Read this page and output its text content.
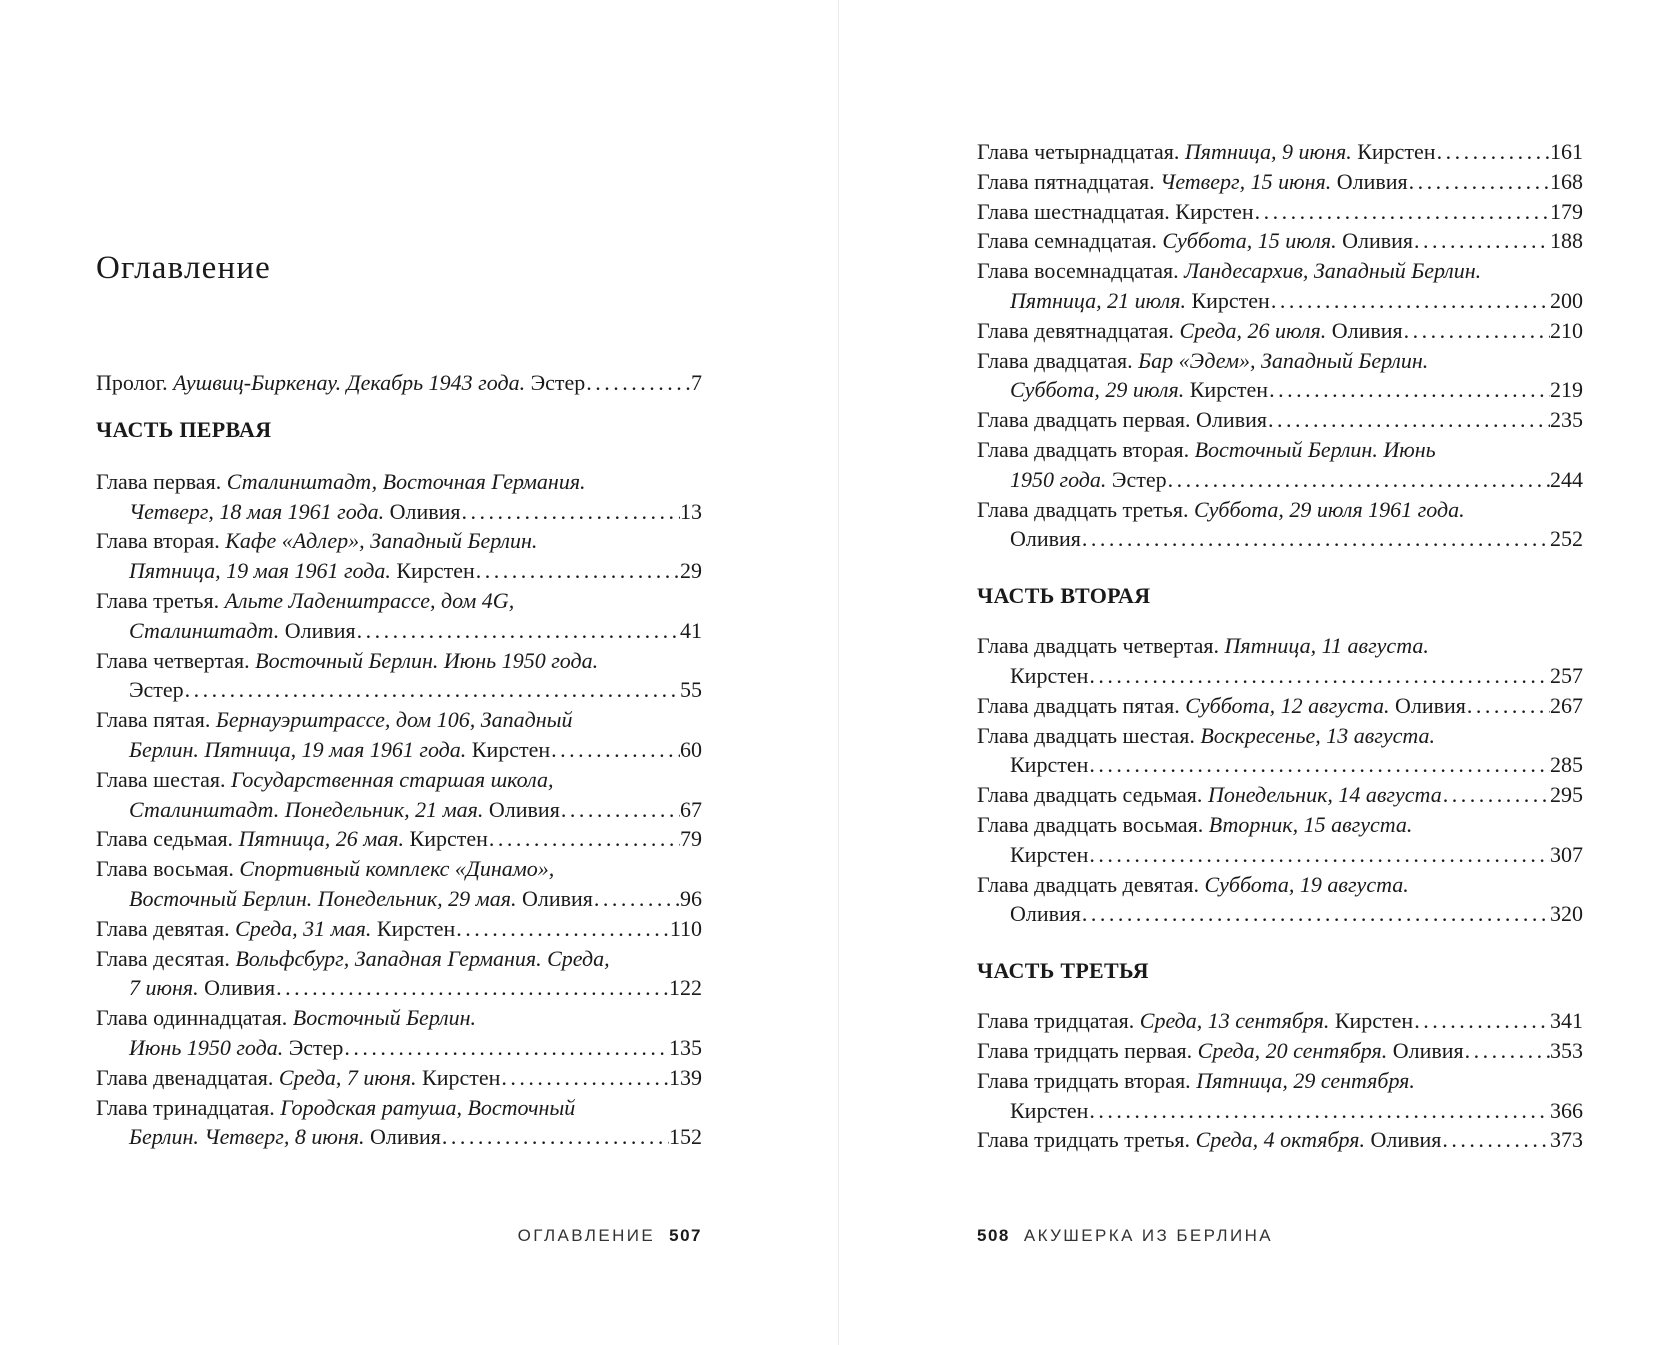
Оглавление
Пролог. Аушвиц-Биркенау. Декабрь 1943 года. Эстер . . .	7
ЧАСТЬ ПЕРВАЯ
Глава первая. Сталинштадт, Восточная Германия.
Четверг, 18 мая 1961 года. Оливия . . .	13
Глава вторая. Кафе «Адлер», Западный Берлин.
Пятница, 19 мая 1961 года. Кирстен . . .	29
Глава третья. Альте Ладенштрассе, дом 4G,
Сталинштадт. Оливия . . .	41
Глава четвертая. Восточный Берлин. Июнь 1950 года.
Эстер . . .	55
Глава пятая. Бернауэрштрассе, дом 106, Западный
Берлин. Пятница, 19 мая 1961 года. Кирстен . . .	60
Глава шестая. Государственная старшая школа,
Сталинштадт. Понедельник, 21 мая. Оливия . . .	67
Глава седьмая. Пятница, 26 мая. Кирстен . . .	79
Глава восьмая. Спортивный комплекс «Динамо»,
Восточный Берлин. Понедельник, 29 мая. Оливия . . .	96
Глава девятая. Среда, 31 мая. Кирстен . . .	110
Глава десятая. Вольфсбург, Западная Германия. Среда,
7 июня. Оливия . . .	122
Глава одиннадцатая. Восточный Берлин.
Июнь 1950 года. Эстер . . .	135
Глава двенадцатая. Среда, 7 июня. Кирстен . . .	139
Глава тринадцатая. Городская ратуша, Восточный
Берлин. Четверг, 8 июня. Оливия . . .	152
ОГЛАВЛЕНИЕ 507
Глава четырнадцатая. Пятница, 9 июня. Кирстен . . .	161
Глава пятнадцатая. Четверг, 15 июня. Оливия . . .	168
Глава шестнадцатая. Кирстен . . .	179
Глава семнадцатая. Суббота, 15 июля. Оливия . . .	188
Глава восемнадцатая. Ландесархив, Западный Берлин.
Пятница, 21 июля. Кирстен . . .	200
Глава девятнадцатая. Среда, 26 июля. Оливия . . .	210
Глава двадцатая. Бар «Эдем», Западный Берлин.
Суббота, 29 июля. Кирстен . . .	219
Глава двадцать первая. Оливия . . .	235
Глава двадцать вторая. Восточный Берлин. Июнь
1950 года. Эстер . . .	244
Глава двадцать третья. Суббота, 29 июля 1961 года.
Оливия . . .	252
ЧАСТЬ ВТОРАЯ
Глава двадцать четвертая. Пятница, 11 августа.
Кирстен . . .	257
Глава двадцать пятая. Суббота, 12 августа. Оливия . . .	267
Глава двадцать шестая. Воскресенье, 13 августа.
Кирстен . . .	285
Глава двадцать седьмая. Понедельник, 14 августа . . .	295
Глава двадцать восьмая. Вторник, 15 августа.
Кирстен . . .	307
Глава двадцать девятая. Суббота, 19 августа.
Оливия . . .	320
ЧАСТЬ ТРЕТЬЯ
Глава тридцатая. Среда, 13 сентября. Кирстен . . .	341
Глава тридцать первая. Среда, 20 сентября. Оливия . . .	353
Глава тридцать вторая. Пятница, 29 сентября.
Кирстен . . .	366
Глава тридцать третья. Среда, 4 октября. Оливия . . .	373
508 АКУШЕРКА ИЗ БЕРЛИНА
